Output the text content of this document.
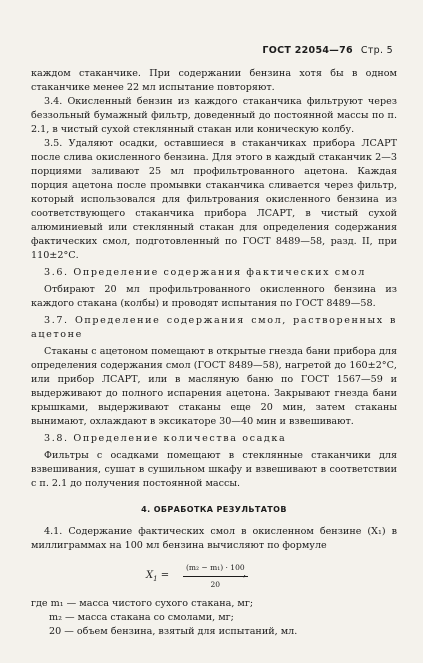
ГОСТ 22054—76 Стр. 5

каждом стаканчике. При содержании бензина хотя бы в одном стаканчике менее 22 мл испытание повторяют.

3.4. Окисленный бензин из каждого стаканчика фильтруют через беззольный бумажный фильтр, доведенный до постоянной массы по п. 2.1, в чистый сухой стеклянный стакан или коническую колбу.

3.5. Удаляют осадки, оставшиеся в стаканчиках прибора ЛСАРТ после слива окисленного бензина. Для этого в каждый стаканчик 2—3 порциями заливают 25 мл профильтрованного ацетона. Каждая порция ацетона после промывки стаканчика сливается через фильтр, который использовался для фильтрования окисленного бензина из соответствующего стаканчика прибора ЛСАРТ, в чистый сухой алюминиевый или стеклянный стакан для определения содержания фактических смол, подготовленный по ГОСТ 8489—58, разд. II, при 110±2°С.

3.6. Определение содержания фактических смол

Отбирают 20 мл профильтрованного окисленного бензина из каждого стакана (колбы) и проводят испытания по ГОСТ 8489—58.

3.7. Определение содержания смол, растворенных в ацетоне

Стаканы с ацетоном помещают в открытые гнезда бани прибора для определения содержания смол (ГОСТ 8489—58), нагретой до 160±2°С, или прибор ЛСАРТ, или в масляную баню по ГОСТ 1567—59 и выдерживают до полного испарения ацетона. Закрывают гнезда бани крышками, выдерживают стаканы еще 20 мин, затем стаканы вынимают, охлаждают в эксикаторе 30—40 мин и взвешивают.

3.8. Определение количества осадка

Фильтры с осадками помещают в стеклянные стаканчики для взвешивания, сушат в сушильном шкафу и взвешивают в соответствии с п. 2.1 до получения постоянной массы.

4. ОБРАБОТКА РЕЗУЛЬТАТОВ

4.1. Содержание фактических смол в окисленном бензине (X₁) в миллиграммах на 100 мл бензина вычисляют по формуле

$X_1 = \frac{\text{(m₂ − m₁) · 100}}{20}$
,

где m₁ — масса чистого сухого стакана, мг;

m₂ — масса стакана со смолами, мг;

20 — объем бензина, взятый для испытаний, мл.
